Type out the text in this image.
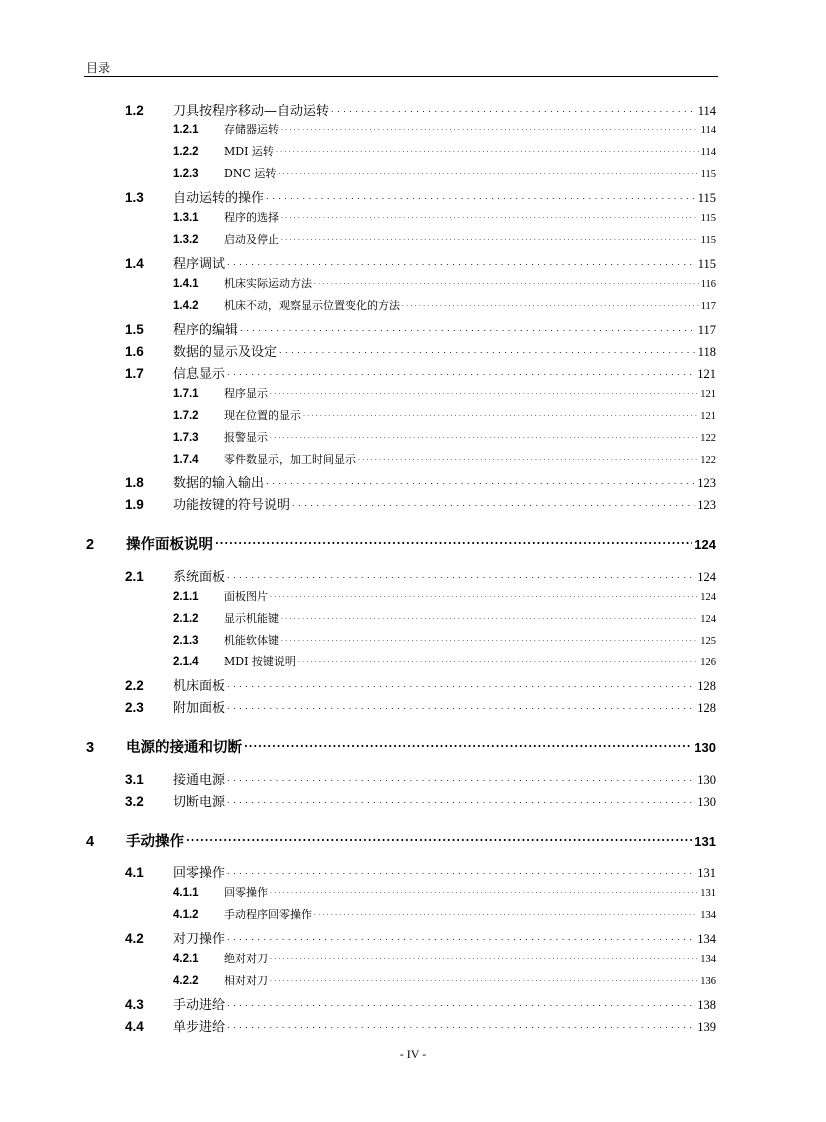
目录
1.2	刀具按程序移动—自动运转 . . .	114
1.2.1	存储器运转 . . .	114
1.2.2	MDI 运转 . . .	114
1.2.3	DNC 运转 . . .	115
1.3	自动运转的操作 . . .	115
1.3.1	程序的选择 . . .	115
1.3.2	启动及停止 . . .	115
1.4	程序调试 . . .	115
1.4.1	机床实际运动方法 . . .	116
1.4.2	机床不动，观察显示位置变化的方法 . . .	117
1.5	程序的编辑 . . .	117
1.6	数据的显示及设定 . . .	118
1.7	信息显示 . . .	121
1.7.1	程序显示 . . .	121
1.7.2	现在位置的显示 . . .	121
1.7.3	报警显示 . . .	122
1.7.4	零件数显示，加工时间显示 . . .	122
1.8	数据的输入输出 . . .	123
1.9	功能按键的符号说明 . . .	123
2	操作面板说明 . . .	124
2.1	系统面板 . . .	124
2.1.1	面板图片 . . .	124
2.1.2	显示机能键 . . .	124
2.1.3	机能软体键 . . .	125
2.1.4	MDI 按键说明 . . .	126
2.2	机床面板 . . .	128
2.3	附加面板 . . .	128
3	电源的接通和切断 . . .	130
3.1	接通电源 . . .	130
3.2	切断电源 . . .	130
4	手动操作 . . .	131
4.1	回零操作 . . .	131
4.1.1	回零操作 . . .	131
4.1.2	手动程序回零操作 . . .	134
4.2	对刀操作 . . .	134
4.2.1	绝对对刀 . . .	134
4.2.2	相对对刀 . . .	136
4.3	手动进给 . . .	138
4.4	单步进给 . . .	139
- IV -
